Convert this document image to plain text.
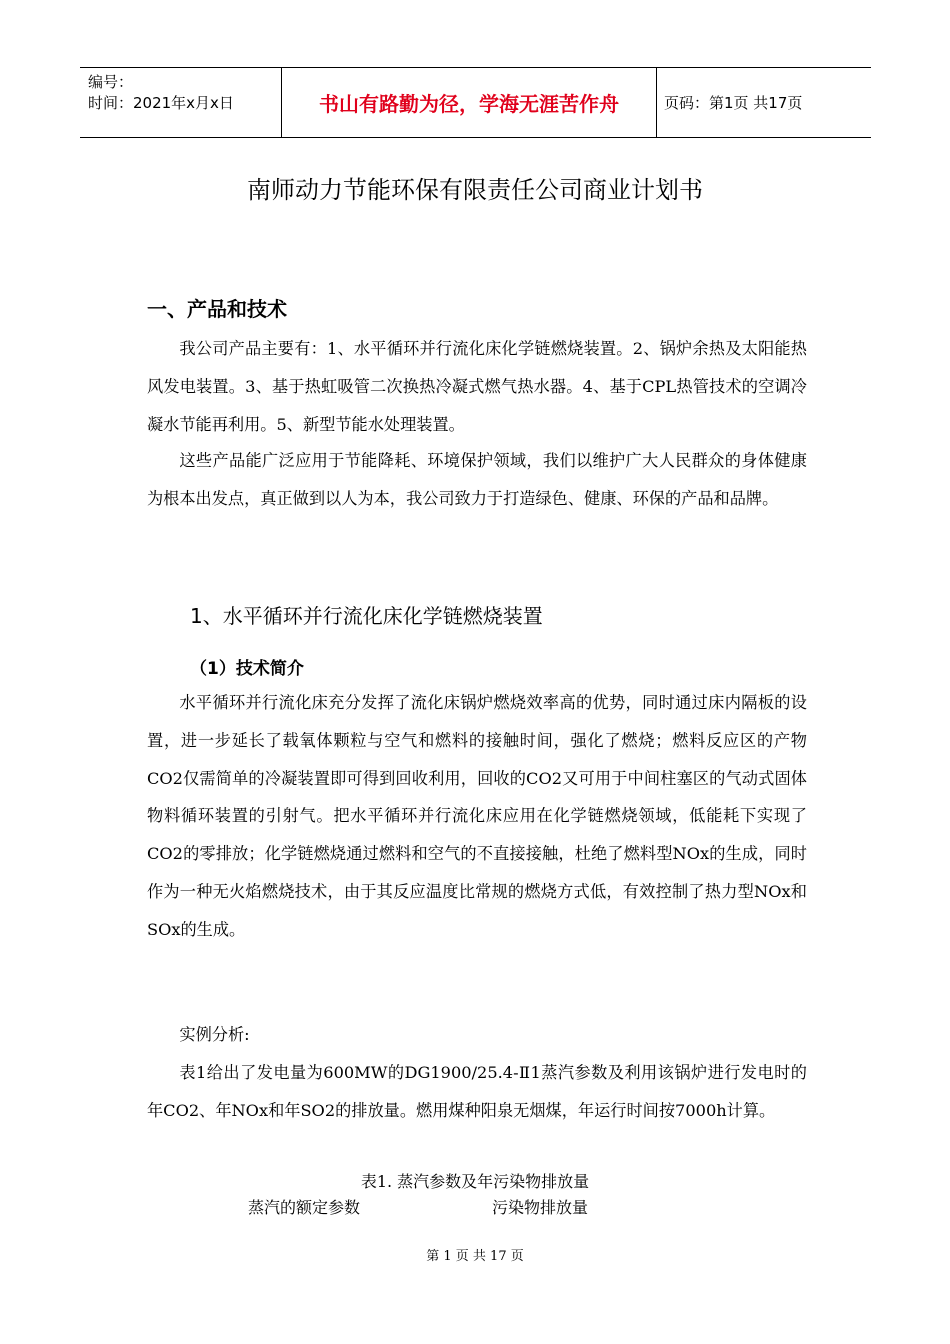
编号：
时间：2021年x月x日	书山有路勤为径，学海无涯苦作舟	页码：第1页 共17页
南师动力节能环保有限责任公司商业计划书
一、产品和技术

我公司产品主要有：1、水平循环并行流化床化学链燃烧装置。2、锅炉余热及太阳能热风发电装置。3、基于热虹吸管二次换热冷凝式燃气热水器。4、基于CPL热管技术的空调冷凝水节能再利用。5、新型节能水处理装置。

这些产品能广泛应用于节能降耗、环境保护领域，我们以维护广大人民群众的身体健康为根本出发点，真正做到以人为本，我公司致力于打造绿色、健康、环保的产品和品牌。

1、水平循环并行流化床化学链燃烧装置
（1）技术简介

水平循环并行流化床充分发挥了流化床锅炉燃烧效率高的优势，同时通过床内隔板的设置，进一步延长了载氧体颗粒与空气和燃料的接触时间，强化了燃烧；燃料反应区的产物CO2仅需简单的冷凝装置即可得到回收利用，回收的CO2又可用于中间柱塞区的气动式固体物料循环装置的引射气。把水平循环并行流化床应用在化学链燃烧领域，低能耗下实现了CO2的零排放；化学链燃烧通过燃料和空气的不直接接触，杜绝了燃料型NOx的生成，同时作为一种无火焰燃烧技术，由于其反应温度比常规的燃烧方式低，有效控制了热力型NOx和SOx的生成。

实例分析:

表1给出了发电量为600MW的DG1900/25.4-Ⅱ1蒸汽参数及利用该锅炉进行发电时的年CO2、年NOx和年SO2的排放量。燃用煤种阳泉无烟煤，年运行时间按7000h计算。

表1. 蒸汽参数及年污染物排放量
蒸汽的额定参数	污染物排放量
第 1 页 共 17 页
